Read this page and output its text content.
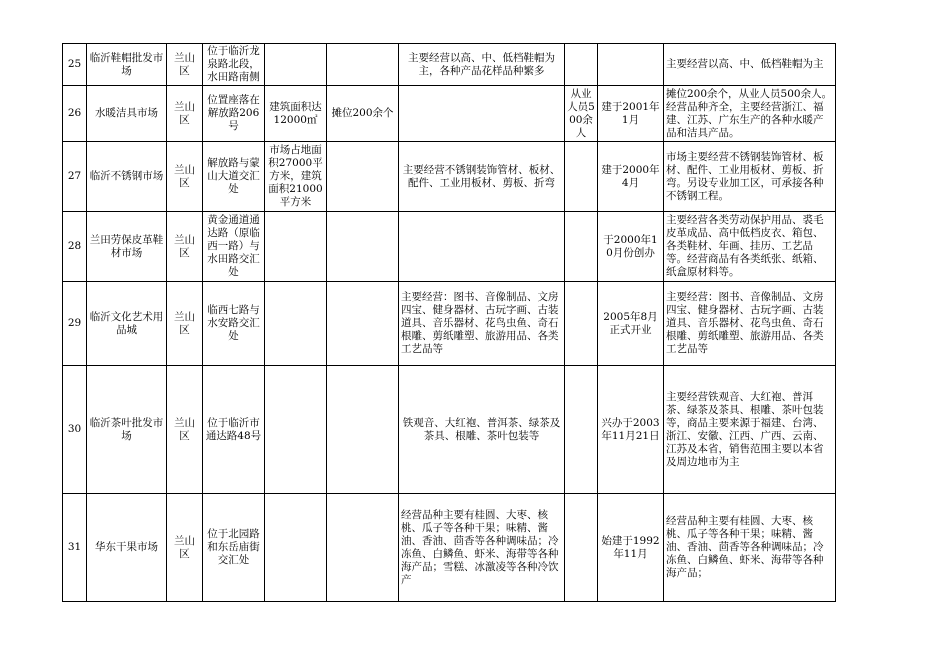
25	临沂鞋帽批发市场	兰山区	位于临沂龙泉路北段，水田路南侧			主要经营以高、中、低档鞋帽为主，各种产品花样品种繁多			主要经营以高、中、低档鞋帽为主
26	水暖洁具市场	兰山区	位置座落在解放路206号	建筑面积达12000㎡	摊位200余个		从业人员500余人	建于2001年1月	摊位200余个，从业人员500余人。经营品种齐全，主要经营浙江、福建、江苏、广东生产的各种水暖产品和洁具产品。
27	临沂不锈钢市场	兰山区	解放路与蒙山大道交汇处	市场占地面积27000平方米，建筑面积21000平方米		主要经营不锈钢装饰管材、板材、配件、工业用板材、剪板、折弯		建于2000年4月	市场主要经营不锈钢装饰管材、板材、配件、工业用板材、剪板、折弯。另设专业加工区，可承接各种不锈钢工程。
28	兰田劳保皮革鞋材市场	兰山区	黄金通道通达路（原临西一路）与水田路交汇处					于2000年10月份创办	主要经营各类劳动保护用品、裘毛皮革成品、高中低档皮衣、箱包、各类鞋材、年画、挂历、工艺品等。经营商品有各类纸张、纸箱、纸盒原材料等。
29	临沂文化艺术用品城	兰山区	临西七路与水安路交汇处			主要经营：图书、音像制品、文房四宝、健身器材、古玩字画、古装道具、音乐器材、花鸟虫鱼、奇石根雕、剪纸雕塑、旅游用品、各类工艺品等		2005年8月正式开业	主要经营：图书、音像制品、文房四宝、健身器材、古玩字画、古装道具、音乐器材、花鸟虫鱼、奇石根雕、剪纸雕塑、旅游用品、各类工艺品等
30	临沂茶叶批发市场	兰山区	位于临沂市通达路48号			铁观音、大红袍、普洱茶、绿茶及茶具、根雕、茶叶包装等		兴办于2003年11月21日	主要经营铁观音、大红袍、普洱茶、绿茶及茶具、根雕、茶叶包装等，商品主要来源于福建、台湾、浙江、安徽、江西、广西、云南、江苏及本省，销售范围主要以本省及周边地市为主
31	华东干果市场	兰山区	位于北园路和东岳庙街交汇处			经营品种主要有桂圆、大枣、核桃、瓜子等各种干果；味精、酱油、香油、茴香等各种调味品；冷冻鱼、白鳞鱼、虾米、海带等各种海产品；雪糕、冰激凌等各种冷饮产		始建于1992年11月	经营品种主要有桂圆、大枣、核桃、瓜子等各种干果；味精、酱油、香油、茴香等各种调味品；冷冻鱼、白鳞鱼、虾米、海带等各种海产品；
